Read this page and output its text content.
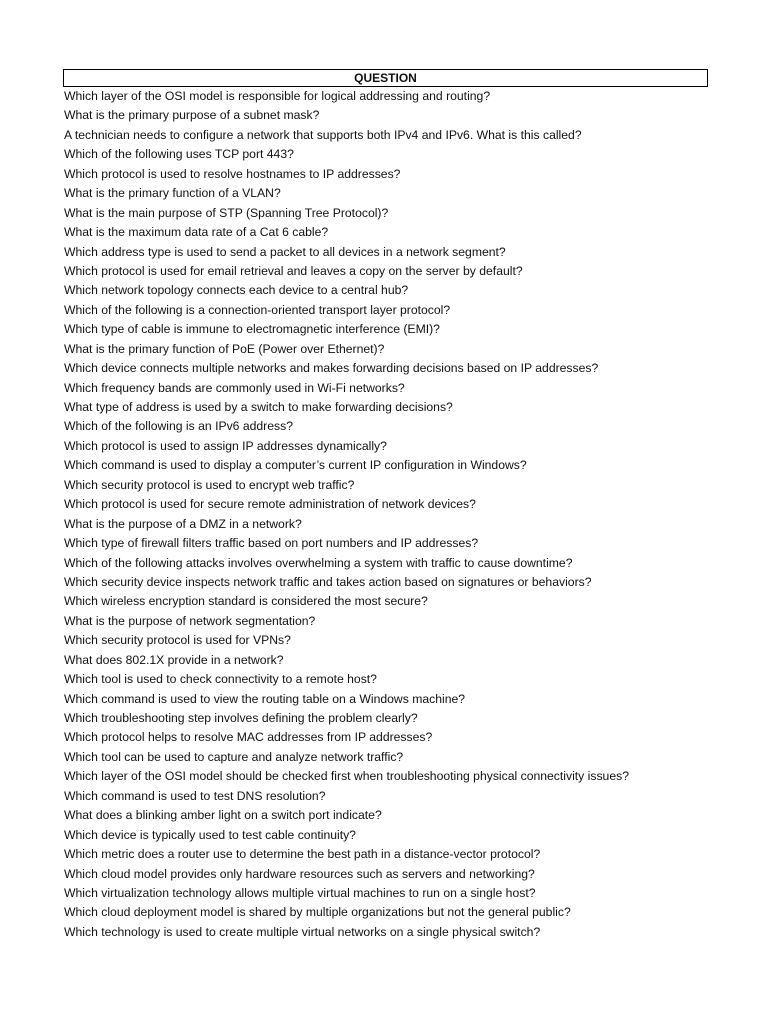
QUESTION
Which layer of the OSI model is responsible for logical addressing and routing?
What is the primary purpose of a subnet mask?
A technician needs to configure a network that supports both IPv4 and IPv6. What is this called?
Which of the following uses TCP port 443?
Which protocol is used to resolve hostnames to IP addresses?
What is the primary function of a VLAN?
What is the main purpose of STP (Spanning Tree Protocol)?
What is the maximum data rate of a Cat 6 cable?
Which address type is used to send a packet to all devices in a network segment?
Which protocol is used for email retrieval and leaves a copy on the server by default?
Which network topology connects each device to a central hub?
Which of the following is a connection-oriented transport layer protocol?
Which type of cable is immune to electromagnetic interference (EMI)?
What is the primary function of PoE (Power over Ethernet)?
Which device connects multiple networks and makes forwarding decisions based on IP addresses?
Which frequency bands are commonly used in Wi-Fi networks?
What type of address is used by a switch to make forwarding decisions?
Which of the following is an IPv6 address?
Which protocol is used to assign IP addresses dynamically?
Which command is used to display a computer’s current IP configuration in Windows?
Which security protocol is used to encrypt web traffic?
Which protocol is used for secure remote administration of network devices?
What is the purpose of a DMZ in a network?
Which type of firewall filters traffic based on port numbers and IP addresses?
Which of the following attacks involves overwhelming a system with traffic to cause downtime?
Which security device inspects network traffic and takes action based on signatures or behaviors?
Which wireless encryption standard is considered the most secure?
What is the purpose of network segmentation?
Which security protocol is used for VPNs?
What does 802.1X provide in a network?
Which tool is used to check connectivity to a remote host?
Which command is used to view the routing table on a Windows machine?
Which troubleshooting step involves defining the problem clearly?
Which protocol helps to resolve MAC addresses from IP addresses?
Which tool can be used to capture and analyze network traffic?
Which layer of the OSI model should be checked first when troubleshooting physical connectivity issues?
Which command is used to test DNS resolution?
What does a blinking amber light on a switch port indicate?
Which device is typically used to test cable continuity?
Which metric does a router use to determine the best path in a distance-vector protocol?
Which cloud model provides only hardware resources such as servers and networking?
Which virtualization technology allows multiple virtual machines to run on a single host?
Which cloud deployment model is shared by multiple organizations but not the general public?
Which technology is used to create multiple virtual networks on a single physical switch?
